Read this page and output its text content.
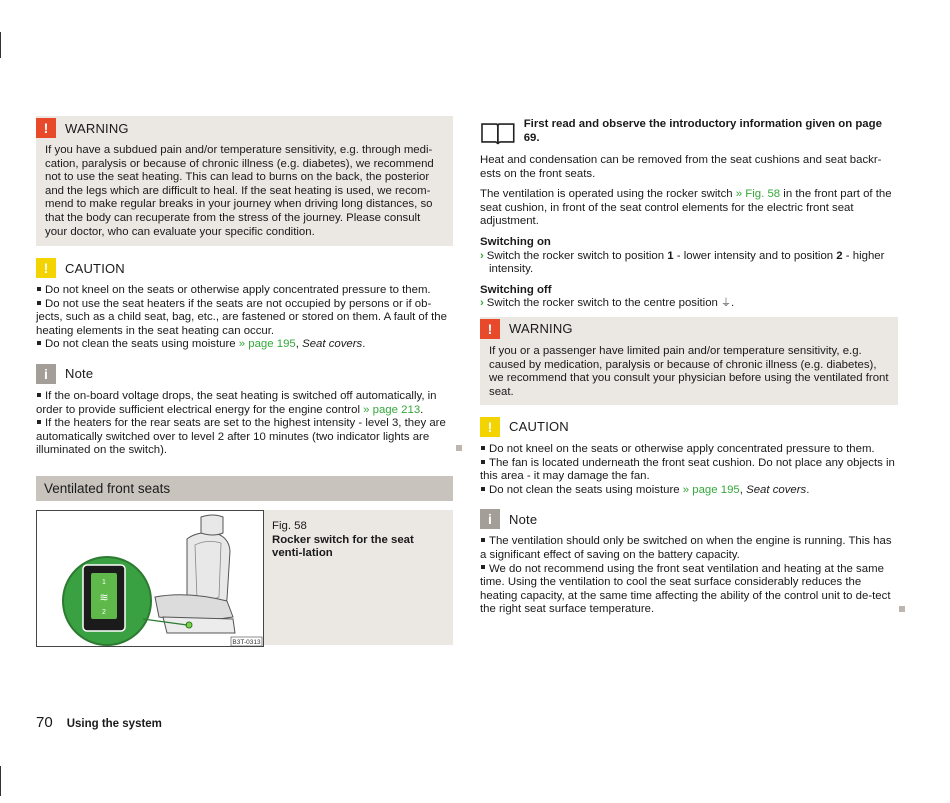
!	WARNING
If you have a subdued pain and/or temperature sensitivity, e.g. through medi-cation, paralysis or because of chronic illness (e.g. diabetes), we recommend not to use the seat heating. This can lead to burns on the back, the posterior and the legs which are difficult to heal. If the seat heating is used, we recom-mend to make regular breaks in your journey when driving long distances, so that the body can recuperate from the stress of the journey. Please consult your doctor, who can evaluate your specific condition.
!	CAUTION

Do not kneel on the seats or otherwise apply concentrated pressure to them.

Do not use the seat heaters if the seats are not occupied by persons or if ob-jects, such as a child seat, bag, etc., are fastened or stored on them. A fault of the heating elements in the seat heating can occur.

Do not clean the seats using moisture » page 195, Seat covers.

i	Note

If the on-board voltage drops, the seat heating is switched off automatically, in order to provide sufficient electrical energy for the engine control » page 213.

If the heaters for the rear seats are set to the highest intensity - level 3, they are automatically switched over to level 2 after 10 minutes (two indicator lights are illuminated on the switch).

Ventilated front seats
1
≋
2
B3T-0313
Fig. 58
Rocker switch for the seat venti-lation
First read and observe the introductory information given on page 69.

Heat and condensation can be removed from the seat cushions and seat backr-ests on the front seats.

The ventilation is operated using the rocker switch » Fig. 58 in the front part of the seat cushion, in front of the seat control elements for the electric front seat adjustment.

Switching on

› Switch the rocker switch to position 1 - lower intensity and to position 2 - higher intensity.

Switching off

› Switch the rocker switch to the centre position ⏚.

!	WARNING
If you or a passenger have limited pain and/or temperature sensitivity, e.g. caused by medication, paralysis or because of chronic illness (e.g. diabetes), we recommend that you consult your physician before using the ventilated front seat.
!	CAUTION

Do not kneel on the seats or otherwise apply concentrated pressure to them.

The fan is located underneath the front seat cushion. Do not place any objects in this area - it may damage the fan.

Do not clean the seats using moisture » page 195, Seat covers.

i	Note

The ventilation should only be switched on when the engine is running. This has a significant effect of saving on the battery capacity.

We do not recommend using the front seat ventilation and heating at the same time. Using the ventilation to cool the seat surface considerably reduces the heating capacity, at the same time affecting the ability of the control unit to de-tect the right seat surface temperature.

70 Using the system
